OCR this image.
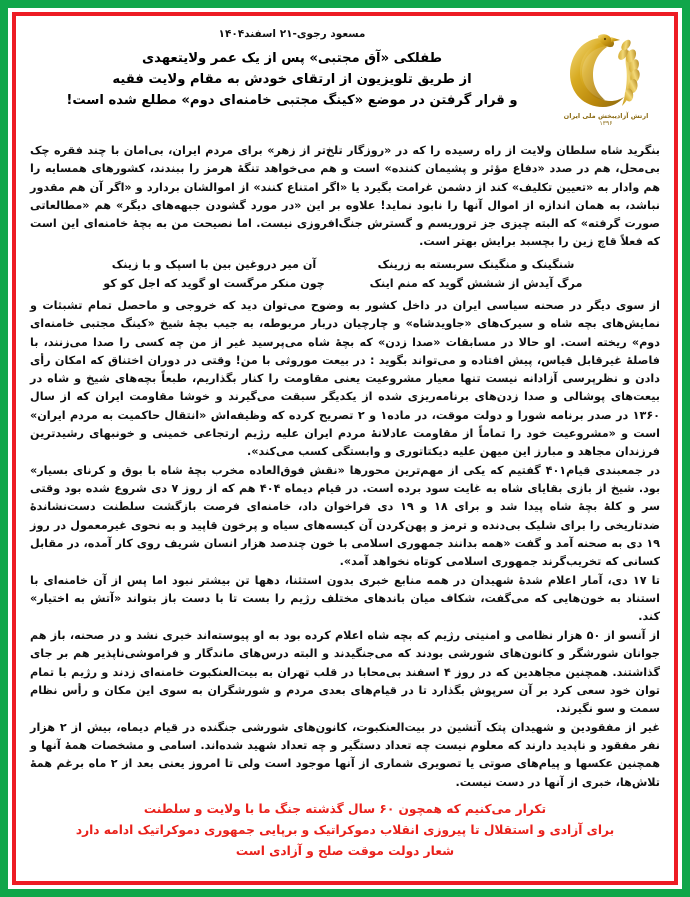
ارتش آزادیبخش ملی ایران
۱۳۹۶
مسعود رجوی-۲۱ اسفند۱۴۰۴
طفلکی «آق مجتبی» پس از یک عمر ولایتعهدی
از طریق تلویزیون از ارتقای خودش به مقام ولایت فقیه
و قرار گرفتن در موضع «کینگ مجتبی خامنه‌ای دوم» مطلع شده است!

بنگرید شاه سلطان ولایت از راه رسیده را که در «روزگار تلخ‌تر از زهر» برای مردم ایران، بی‌امان با چند فقره چک بی‌محل، هم در صدد «دفاع مؤثر و پشیمان کننده» است و هم می‌خواهد تنگهٔ هرمز را ببندند، کشورهای همسایه را هم وادار به «تعیین تکلیف» کند از دشمن غرامت بگیرد یا «اگر امتناع کنند» از اموالشان بردارد و «اگر آن هم مقدور نباشد، به همان اندازه از اموال آنها را نابود نماید! علاوه بر این «در مورد گشودن جبهه‌های دیگر» هم «مطالعاتی صورت گرفته» که البته چیزی جز تروریسم و گسترش جنگ‌افروزی نیست. اما نصیحت من به بچهٔ خامنه‌ای این است که فعلاً قاچ زین را بچسبد برایش بهتر است.

شنگینک و منگینک سربسته به زرینک
آن میر دروغین بین با اسپک و با زینک
مرگ آیدش از ششش گوید که منم اینک
چون منکر مرگست او گوید که اجل کو کو

از سوی دیگر در صحنه سیاسی ایران در داخل کشور به وضوح می‌توان دید که خروجی و ماحصل تمام تشبثات و نمایش‌های بچه شاه و سیرک‌های «جاویدشاه» و چارچیان دربار مربوطه، به جیب بچهٔ شیخ «کینگ مجتبی خامنه‌ای دوم» ریخته است. او حالا در مسابقات «صدا زدن» که بچهٔ شاه می‌پرسید غیر از من چه کسی را صدا می‌زنند، با فاصلهٔ غیرقابل قیاس، پیش افتاده و می‌تواند بگوید : در بیعت موروثی با من! وقتی در دوران اختناق که امکان رأی دادن و نظرپرسی آزادانه نیست تنها معیار مشروعیت یعنی مقاومت را کنار بگذاریم، طبعاً بچه‌های شیخ و شاه در بیعت‌های پوشالی و صدا زدن‌های برنامه‌ریزی شده از یکدیگر سبقت می‌گیرند و خوشا مقاومت ایران که از سال ۱۳۶۰ در صدر برنامه شورا و دولت موقت، در ماده۱ و ۲ تصریح کرده که وظیفه‌اش «انتقال حاکمیت به مردم ایران» است و «مشروعیت خود را تماماً از مقاومت عادلانهٔ مردم ایران علیه رژیم ارتجاعی خمینی و خونبهای رشیدترین فرزندان مجاهد و مبارز این میهن علیه دیکتاتوری و وابستگی کسب می‌کند».

در جمعبندی قیام۴۰۱ گفتیم که یکی از مهم‌ترین محورها «نقش فوق‌العاده مخرب بچهٔ شاه با بوق و کرنای بسیار» بود. شیخ از بازی بقایای شاه به غایت سود برده است. در قیام دیماه ۴۰۴ هم که از روز ۷ دی شروع شده بود وقتی سر و کلهٔ بچهٔ شاه پیدا شد و برای ۱۸ و ۱۹ دی فراخوان داد، خامنه‌ای فرصت بازگشت سلطنت دست‌نشاندهٔ ضدتاریخی را برای شلیک بی‌دنده و ترمز و پهن‌کردن آن کیسه‌های سیاه و پرخون قاپید و به نحوی غیرمعمول در روز ۱۹ دی به صحنه آمد و گفت «همه بدانند جمهوری اسلامی با خون چندصد هزار انسان شریف روی کار آمده، در مقابل کسانی که تخریب‌گرند جمهوری اسلامی کوتاه نخواهد آمد».

تا ۱۷ دی، آمار اعلام شدهٔ شهیدان در همه منابع خبری بدون استثنا، دهها تن بیشتر نبود اما پس از آن خامنه‌ای با استناد به خون‌هایی که می‌گفت، شکاف میان باندهای مختلف رژیم را بست تا با دست باز بتواند «آتش به اختیار» کند.

از آنسو از ۵۰ هزار نظامی و امنیتی رژیم که بچه شاه اعلام کرده بود به او پیوسته‌اند خبری نشد و در صحنه، باز هم جوانان شورشگر و کانون‌های شورشی بودند که می‌جنگیدند و البته درس‌های ماندگار و فراموشی‌ناپذیر هم بر جای گذاشتند. همچنین مجاهدین که در روز ۴ اسفند بی‌محابا در قلب تهران به بیت‌العنکبوت خامنه‌ای زدند و رژیم با تمام توان خود سعی کرد بر آن سرپوش بگذارد تا در قیام‌های بعدی مردم و شورشگران به سوی این مکان و رأس نظام سمت و سو نگیرند.

غیر از مفقودین و شهیدان پتک آتشین در بیت‌العنکبوت، کانون‌های شورشی جنگنده در قیام دیماه، بیش از ۲ هزار نفر مفقود و ناپدید دارند که معلوم نیست چه تعداد دستگیر و چه تعداد شهید شده‌اند. اسامی و مشخصات همهٔ آنها و همچنین عکسها و پیام‌های صوتی یا تصویری شماری از آنها موجود است ولی تا امروز یعنی بعد از ۲ ماه برغم همهٔ تلاش‌ها، خبری از آنها در دست نیست.

تکرار می‌کنیم که همچون ۶۰ سال گذشته جنگ ما با ولایت و سلطنت

برای آزادی و استقلال تا پیروزی انقلاب دموکراتیک و برپایی جمهوری دموکراتیک ادامه دارد

شعار دولت موقت صلح و آزادی است
